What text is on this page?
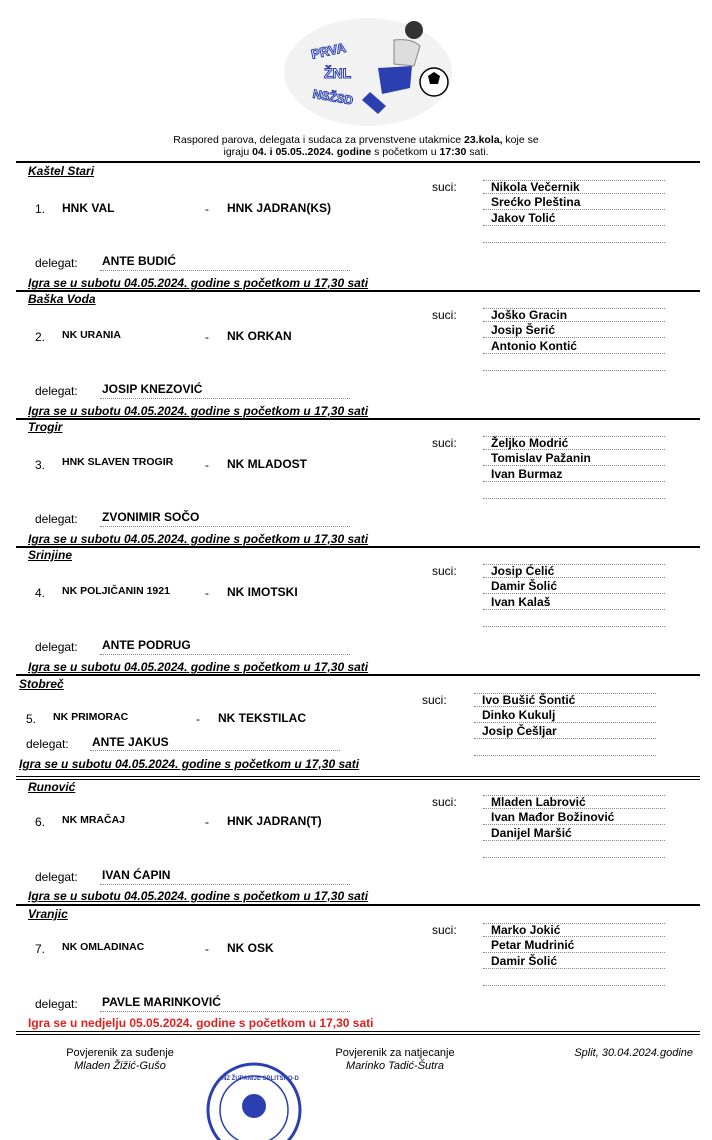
PRVA
ŽNL
NSŽSD
Raspored parova, delegata i sudaca za prvenstvene utakmice 23.kola, koje se
igraju 04. i 05.05..2024. godine s početkom u 17:30 sati.
Kaštel Stari
suci:	Nikola Večernik
Srećko Pleština
Jakov Tolić
1. HNK VAL	- HNK JADRAN(KS)
delegat: ANTE BUDIĆ
Igra se u subotu 04.05.2024. godine s početkom u 17,30 sati
Baška Voda
suci:	Joško Gracin
Josip Šerić
Antonio Kontić
2. NK URANIA	- NK ORKAN
delegat: JOSIP KNEZOVIĆ
Igra se u subotu 04.05.2024. godine s početkom u 17,30 sati
Trogir
suci:	Željko Modrić
Tomislav Pažanin
Ivan Burmaz
3. HNK SLAVEN TROGIR	- NK MLADOST
delegat: ZVONIMIR SOČO
Igra se u subotu 04.05.2024. godine s početkom u 17,30 sati
Srinjine
suci:	Josip Ćelić
Damir Šolić
Ivan Kalaš
4. NK POLJIČANIN 1921	- NK IMOTSKI
delegat: ANTE PODRUG
Igra se u subotu 04.05.2024. godine s početkom u 17,30 sati
Stobreč
suci:	Ivo Bušić Šontić
Dinko Kukulj
Josip Češljar
5. NK PRIMORAC	- NK TEKSTILAC
delegat: ANTE JAKUS
Igra se u subotu 04.05.2024. godine s početkom u 17,30 sati
Runović
suci:	Mladen Labrović
Ivan Mađor Božinović
Danijel Maršić
6. NK MRAČAJ	- HNK JADRAN(T)
delegat: IVAN ĆAPIN
Igra se u subotu 04.05.2024. godine s početkom u 17,30 sati
Vranjic
suci:	Marko Jokić
Petar Mudrinić
Damir Šolić
7. NK OMLADINAC	- NK OSK
delegat: PAVLE MARINKOVIĆ
Igra se u nedjelju 05.05.2024. godine s početkom u 17,30 sati
Povjerenik za suđenje
Mladen Žižić-Gušo
Povjerenik za natjecanje
Marinko Tadić-Šutra
Split, 30.04.2024.godine
NZ ŽUPANIJE SPLITSKO-D
